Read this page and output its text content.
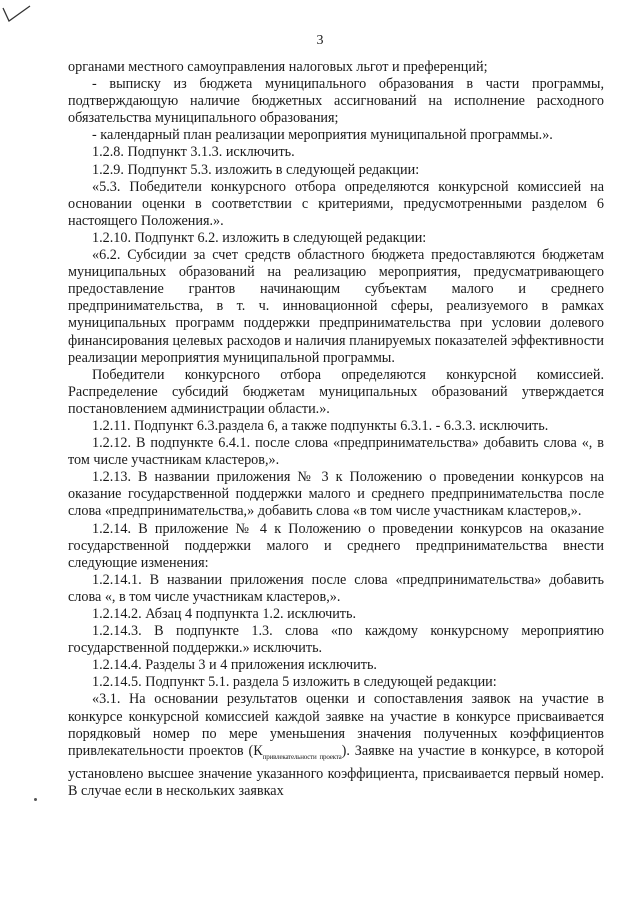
3

органами местного самоуправления налоговых льгот и преференций;

- выписку из бюджета муниципального образования в части программы, подтверждающую наличие бюджетных ассигнований на исполнение расходного обязательства муниципального образования;

- календарный план реализации мероприятия муниципальной программы.».

1.2.8. Подпункт 3.1.3. исключить.

1.2.9. Подпункт 5.3. изложить в следующей редакции:

«5.3. Победители конкурсного отбора определяются конкурсной комиссией на основании оценки в соответствии с критериями, предусмотренными разделом 6 настоящего Положения.».

1.2.10. Подпункт 6.2. изложить в следующей редакции:

«6.2. Субсидии за счет средств областного бюджета предоставляются бюджетам муниципальных образований на реализацию мероприятия, предусматривающего предоставление грантов начинающим субъектам малого и среднего предпринимательства, в т. ч. инновационной сферы, реализуемого в рамках муниципальных программ поддержки предпринимательства при условии долевого финансирования целевых расходов и наличия планируемых показателей эффективности реализации мероприятия муниципальной программы.

Победители конкурсного отбора определяются конкурсной комиссией. Распределение субсидий бюджетам муниципальных образований утверждается постановлением администрации области.».

1.2.11. Подпункт 6.3.раздела 6, а также подпункты 6.3.1. - 6.3.3. исключить.

1.2.12. В подпункте 6.4.1. после слова «предпринимательства» добавить слова «, в том числе участникам кластеров,».

1.2.13. В названии приложения № 3 к Положению о проведении конкурсов на оказание государственной поддержки малого и среднего предпринимательства после слова «предпринимательства,» добавить слова «в том числе участникам кластеров,».

1.2.14. В приложение № 4 к Положению о проведении конкурсов на оказание государственной поддержки малого и среднего предпринимательства внести следующие изменения:

1.2.14.1. В названии приложения после слова «предпринимательства» добавить слова «, в том числе участникам кластеров,».

1.2.14.2. Абзац 4 подпункта 1.2. исключить.

1.2.14.3. В подпункте 1.3. слова «по каждому конкурсному мероприятию государственной поддержки.» исключить.

1.2.14.4. Разделы 3 и 4 приложения исключить.

1.2.14.5. Подпункт 5.1. раздела 5 изложить в следующей редакции:

«3.1. На основании результатов оценки и сопоставления заявок на участие в конкурсе конкурсной комиссией каждой заявке на участие в конкурсе присваивается порядковый номер по мере уменьшения значения полученных коэффициентов привлекательности проектов $(К_{привлекательности проекта})$. Заявке на участие в конкурсе, в которой установлено высшее значение указанного коэффициента, присваивается первый номер. В случае если в нескольких заявках
